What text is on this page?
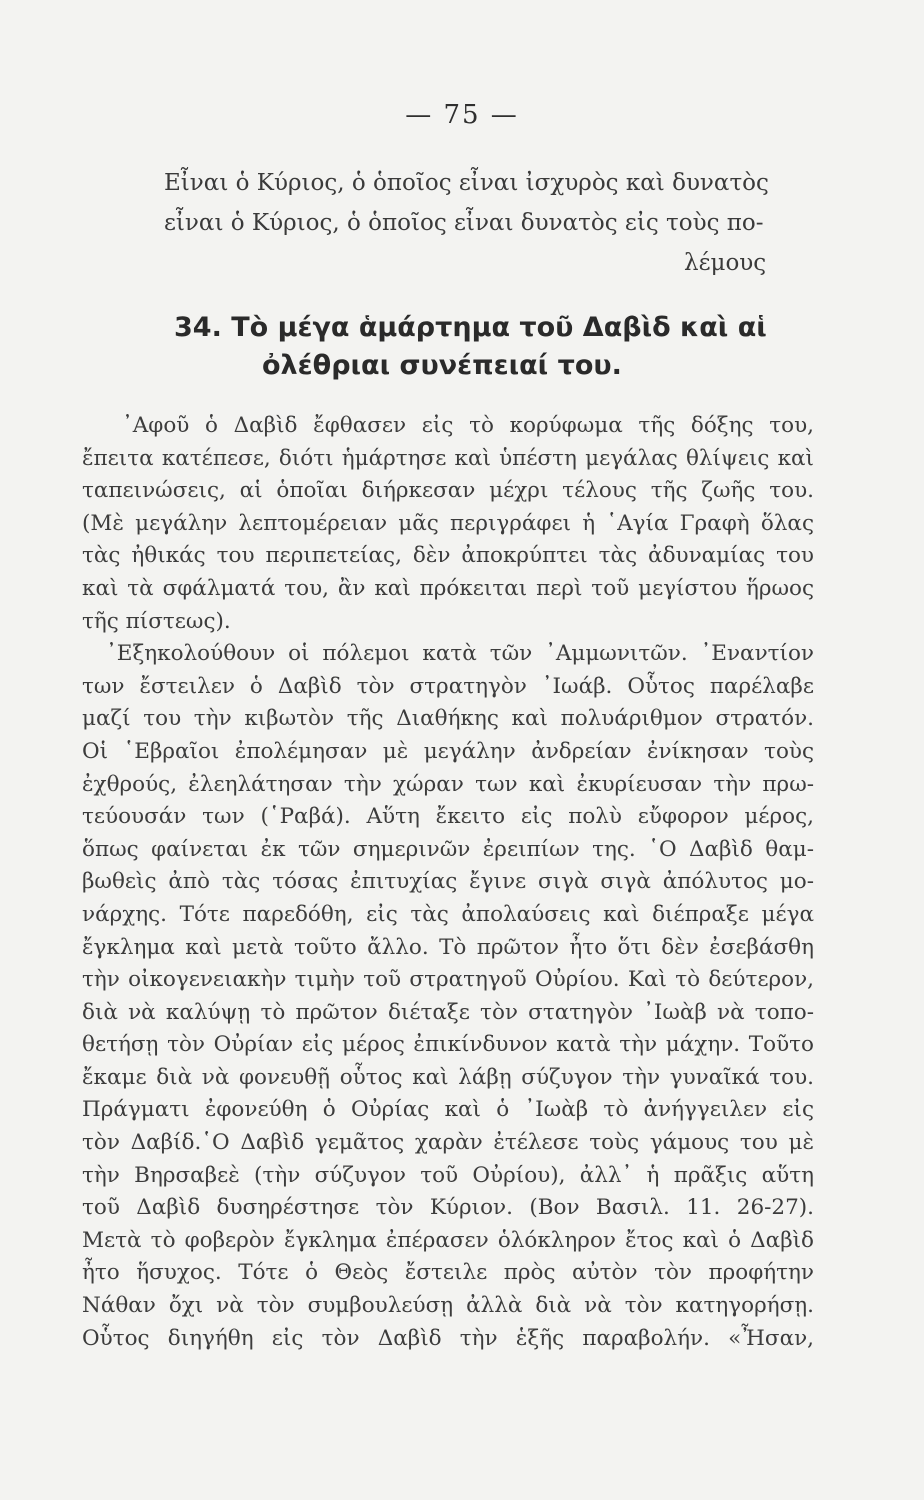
— 75 —
Εἶναι ὁ Κύριος, ὁ ὁποῖος εἶναι ἰσχυρὸς καὶ δυνατὸς
εἶναι ὁ Κύριος, ὁ ὁποῖος εἶναι δυνατὸς εἰς τοὺς πο-
λέμους
34. Τὸ μέγα ἁμάρτημα τοῦ Δαβὶδ καὶ αἱ
ὀλέθριαι συνέπειαί του.
᾿Αφοῦ ὁ Δαβὶδ ἔφθασεν εἰς τὸ κορύφωμα τῆς δόξης του,
ἔπειτα κατέπεσε, διότι ἡμάρτησε καὶ ὑπέστη μεγάλας θλίψεις καὶ
ταπεινώσεις, αἱ ὁποῖαι διήρκεσαν μέχρι τέλους τῆς ζωῆς του.
(Μὲ μεγάλην λεπτομέρειαν μᾶς περιγράφει ἡ ῾Αγία Γραφὴ ὅλας
τὰς ἠθικάς του περιπετείας, δὲν ἀποκρύπτει τὰς ἀδυναμίας του
καὶ τὰ σφάλματά του, ἂν καὶ πρόκειται περὶ τοῦ μεγίστου ἥρωος
τῆς πίστεως).
᾿Εξηκολούθουν οἱ πόλεμοι κατὰ τῶν ᾿Αμμωνιτῶν. ᾿Εναντίον
των ἔστειλεν ὁ Δαβὶδ τὸν στρατηγὸν ᾿Ιωάβ. Οὗτος παρέλαβε
μαζί του τὴν κιβωτὸν τῆς Διαθήκης καὶ πολυάριθμον στρατόν.
Οἱ ῾Εβραῖοι ἐπολέμησαν μὲ μεγάλην ἀνδρείαν ἐνίκησαν τοὺς
ἐχθρούς, ἐλεηλάτησαν τὴν χώραν των καὶ ἐκυρίευσαν τὴν πρω-
τεύουσάν των (῾Ραβά). Αὕτη ἔκειτο εἰς πολὺ εὔφορον μέρος,
ὅπως φαίνεται ἐκ τῶν σημερινῶν ἐρειπίων της. ῾Ο Δαβὶδ θαμ-
βωθεὶς ἀπὸ τὰς τόσας ἐπιτυχίας ἔγινε σιγὰ σιγὰ ἀπόλυτος μο-
νάρχης. Τότε παρεδόθη, εἰς τὰς ἀπολαύσεις καὶ διέπραξε μέγα
ἔγκλημα καὶ μετὰ τοῦτο ἄλλο. Τὸ πρῶτον ἦτο ὅτι δὲν ἐσεβάσθη
τὴν οἰκογενειακὴν τιμὴν τοῦ στρατηγοῦ Οὐρίου. Καὶ τὸ δεύτερον,
διὰ νὰ καλύψῃ τὸ πρῶτον διέταξε τὸν στατηγὸν ᾿Ιωὰβ νὰ τοπο-
θετήσῃ τὸν Οὐρίαν εἰς μέρος ἐπικίνδυνον κατὰ τὴν μάχην. Τοῦτο
ἔκαμε διὰ νὰ φονευθῇ οὗτος καὶ λάβῃ σύζυγον τὴν γυναῖκά του.
Πράγματι ἐφονεύθη ὁ Οὐρίας καὶ ὁ ᾿Ιωὰβ τὸ ἀνήγγειλεν εἰς
τὸν Δαβίδ.῾Ο Δαβὶδ γεμᾶτος χαρὰν ἐτέλεσε τοὺς γάμους του μὲ
τὴν Βηρσαβεὲ (τὴν σύζυγον τοῦ Οὐρίου), ἀλλ᾿ ἡ πρᾶξις αὕτη
τοῦ Δαβὶδ δυσηρέστησε τὸν Κύριον. (Βον Βασιλ. 11. 26-27).
Μετὰ τὸ φοβερὸν ἔγκλημα ἐπέρασεν ὁλόκληρον ἔτος καὶ ὁ Δαβὶδ
ἦτο ἥσυχος. Τότε ὁ Θεὸς ἔστειλε πρὸς αὐτὸν τὸν προφήτην
Νάθαν ὄχι νὰ τὸν συμβουλεύσῃ ἀλλὰ διὰ νὰ τὸν κατηγορήσῃ.
Οὗτος διηγήθη εἰς τὸν Δαβὶδ τὴν ἑξῆς παραβολήν. «Ἦσαν,
